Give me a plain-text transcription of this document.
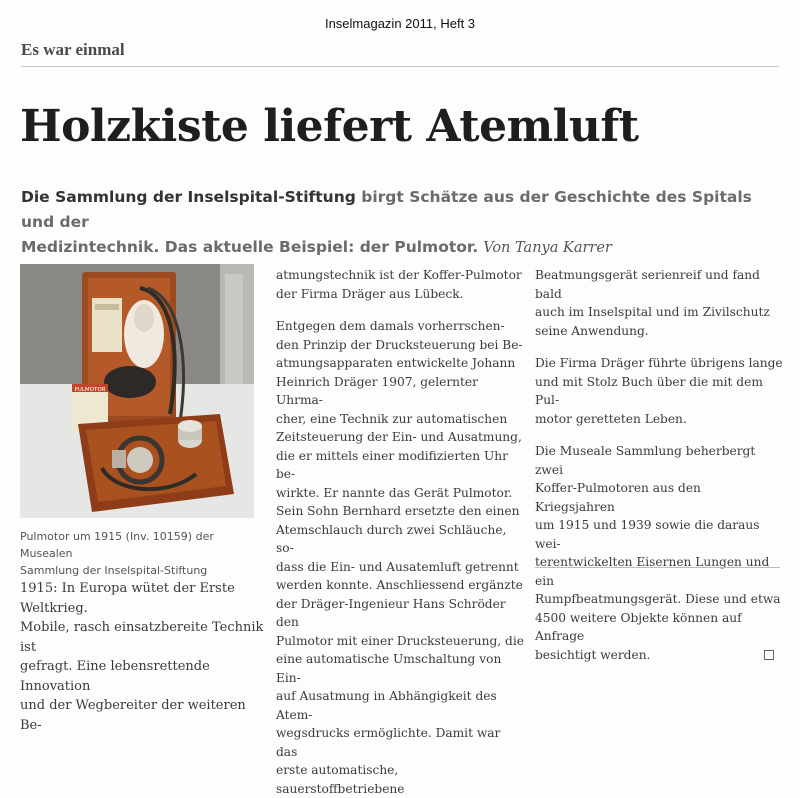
Inselmagazin 2011, Heft 3
Es war einmal
Holzkiste liefert Atemluft

Die Sammlung der Inselspital-Stiftung birgt Schätze aus der Geschichte des Spitals und der
Medizintechnik. Das aktuelle Beispiel: der Pulmotor. Von Tanya Karrer

PULMOTOR

Pulmotor um 1915 (Inv. 10159) der Musealen
Sammlung der Inselspital-Stiftung

1915: In Europa wütet der Erste Weltkrieg.
Mobile, rasch einsatzbereite Technik ist
gefragt. Eine lebensrettende Innovation
und der Wegbereiter der weiteren Be-
atmungstechnik ist der Koffer-Pulmotor
der Firma Dräger aus Lübeck.
Entgegen dem damals vorherrschen-
den Prinzip der Drucksteuerung bei Be-
atmungsapparaten entwickelte Johann
Heinrich Dräger 1907, gelernter Uhrma-
cher, eine Technik zur automatischen
Zeitsteuerung der Ein- und Ausatmung,
die er mittels einer modifizierten Uhr be-
wirkte. Er nannte das Gerät Pulmotor.
Sein Sohn Bernhard ersetzte den einen
Atemschlauch durch zwei Schläuche, so-
dass die Ein- und Ausatemluft getrennt
werden konnte. Anschliessend ergänzte
der Dräger-Ingenieur Hans Schröder den
Pulmotor mit einer Drucksteuerung, die
eine automatische Umschaltung von Ein-
auf Ausatmung in Abhängigkeit des Atem-
wegsdrucks ermöglichte. Damit war das
erste automatische, sauerstoffbetriebene
Beatmungsgerät serienreif und fand bald
auch im Inselspital und im Zivilschutz
seine Anwendung.
Die Firma Dräger führte übrigens lange
und mit Stolz Buch über die mit dem Pul-
motor geretteten Leben.
Die Museale Sammlung beherbergt zwei
Koffer-Pulmotoren aus den Kriegsjahren
um 1915 und 1939 sowie die daraus wei-
terentwickelten Eisernen Lungen und ein
Rumpfbeatmungsgerät. Diese und etwa
4500 weitere Objekte können auf Anfrage
besichtigt werden.
